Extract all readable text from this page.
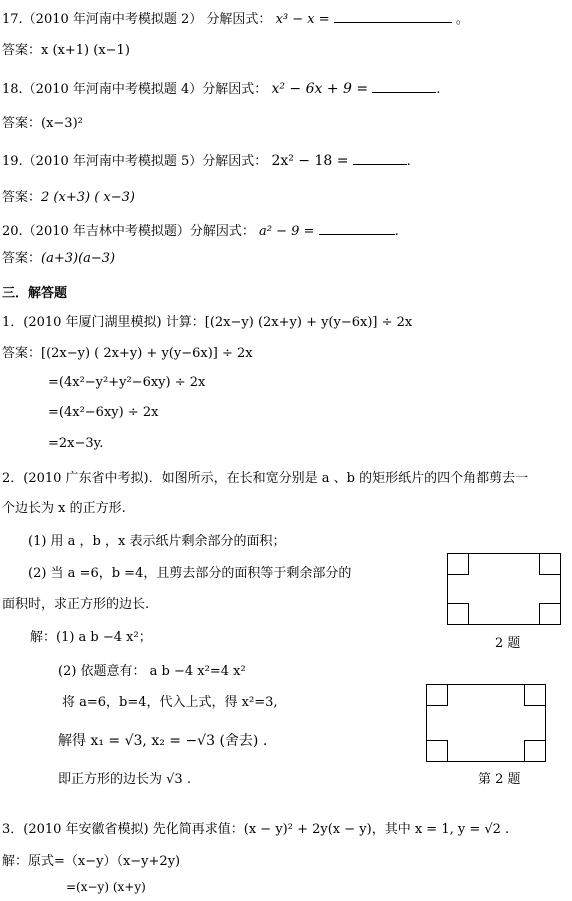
17.（2010 年河南中考模拟题 2） 分解因式： x³ − x =	。
答案：x (x+1) (x−1)
18.（2010 年河南中考模拟题 4）分解因式： x² − 6x + 9 =	.
答案：(x−3)²
19.（2010 年河南中考模拟题 5）分解因式： 2x² − 18 =	.
答案：2 (x+3) ( x−3)
20.（2010 年吉林中考模拟题）分解因式： a² − 9 =	.
答案：(a+3)(a−3)
三．解答题
1．(2010 年厦门湖里模拟) 计算：[(2x−y) (2x+y) + y(y−6x)] ÷ 2x
答案：[(2x−y) ( 2x+y) + y(y−6x)] ÷ 2x
=(4x²−y²+y²−6xy) ÷ 2x
=(4x²−6xy) ÷ 2x
=2x−3y.
2．(2010 广东省中考拟)．如图所示，在长和宽分别是 a 、b 的矩形纸片的四个角都剪去一
个边长为 x 的正方形.
(1) 用 a ，b ，x 表示纸片剩余部分的面积；
(2) 当 a =6，b =4，且剪去部分的面积等于剩余部分的
面积时，求正方形的边长.
解：(1) a b −4 x²；
(2) 依题意有： a b −4 x²=4 x²
将 a=6，b=4，代入上式，得 x²=3,
解得 x₁ = √3, x₂ = −√3 (舍去) .
即正方形的边长为 √3 .
2 题
第 2 题
3．(2010 年安徽省模拟) 先化简再求值：(x − y)² + 2y(x − y)，其中 x = 1, y = √2 .
解：原式=（x−y）（x−y+2y)
=(x−y) (x+y)
